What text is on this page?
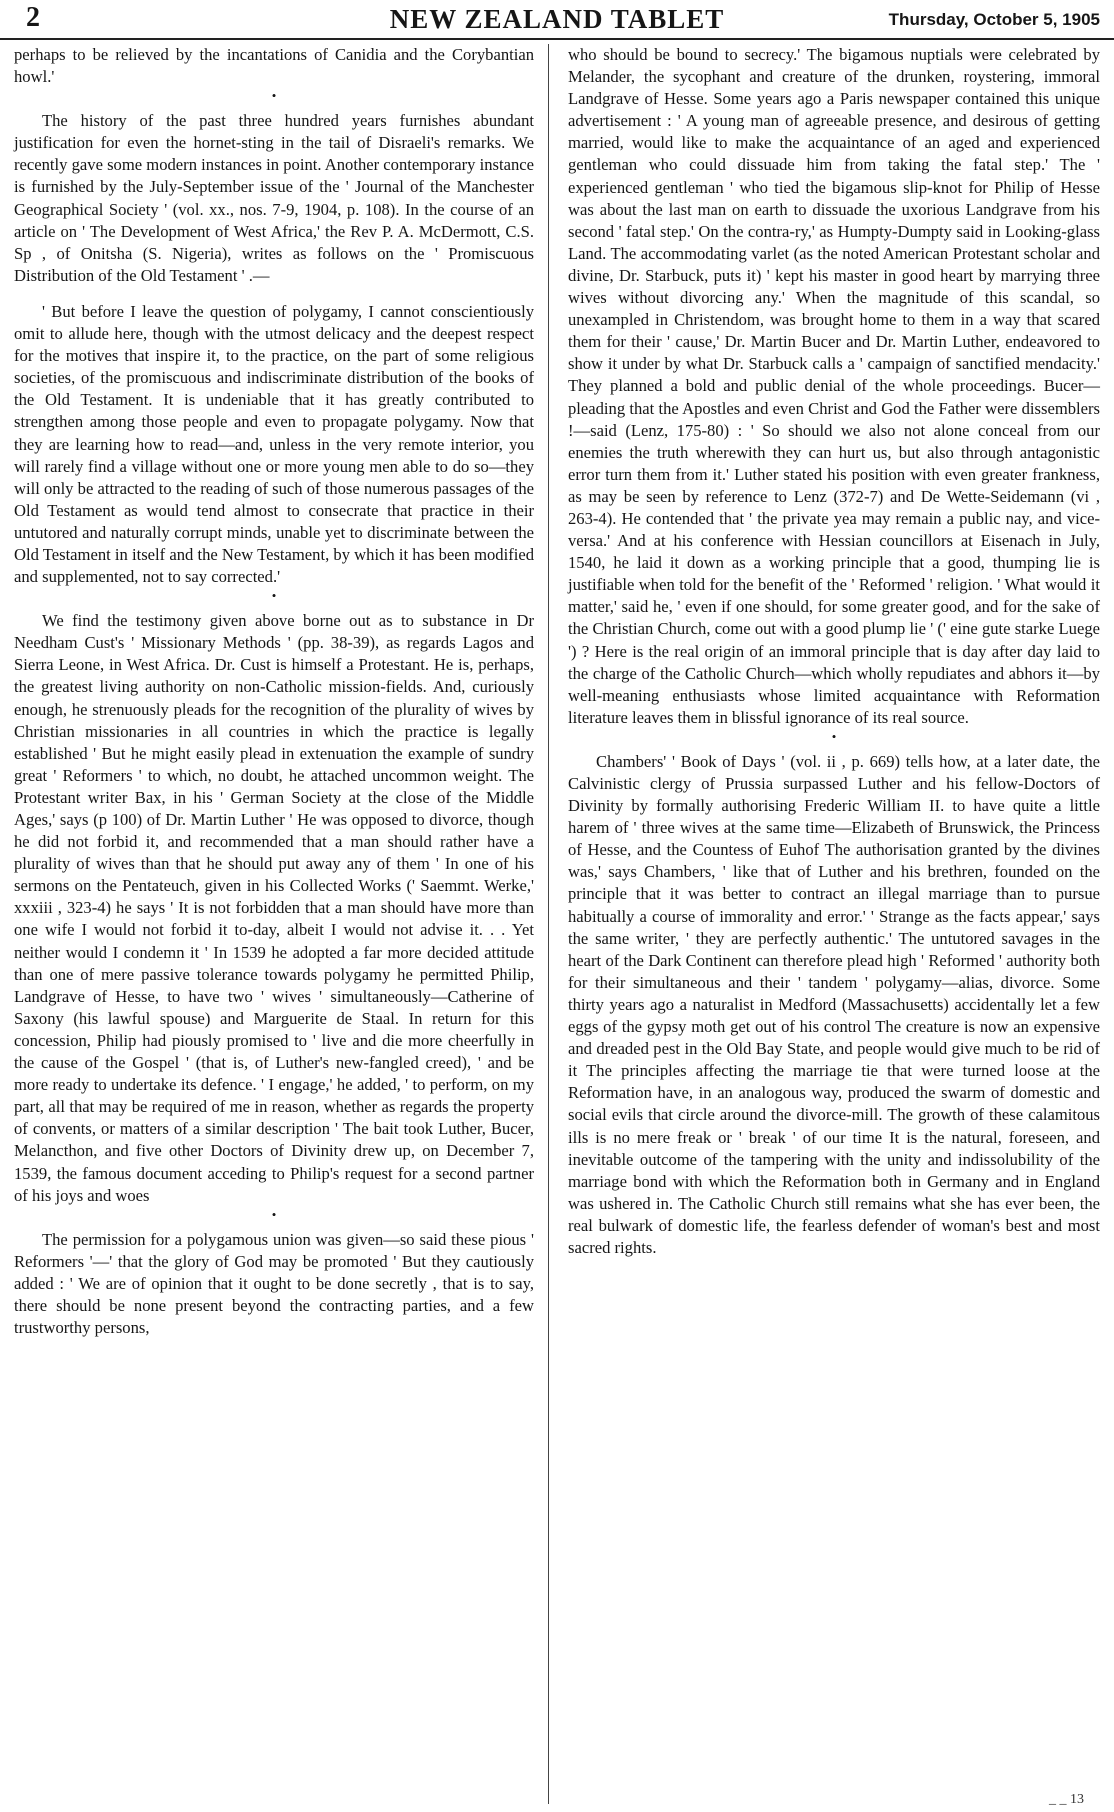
2	NEW ZEALAND TABLET	Thursday, October 5, 1905

perhaps to be relieved by the incantations of Canidia and the Corybantian howl.'

•

The history of the past three hundred years furnishes abundant justification for even the hornet-sting in the tail of Disraeli's remarks. We recently gave some modern instances in point. Another contemporary instance is furnished by the July-September issue of the ' Journal of the Manchester Geographical Society ' (vol. xx., nos. 7-9, 1904, p. 108). In the course of an article on ' The Development of West Africa,' the Rev P. A. McDermott, C.S. Sp , of Onitsha (S. Nigeria), writes as follows on the ' Promiscuous Distribution of the Old Testament ' .—

' But before I leave the question of polygamy, I cannot conscientiously omit to allude here, though with the utmost delicacy and the deepest respect for the motives that inspire it, to the practice, on the part of some religious societies, of the promiscuous and indiscriminate distribution of the books of the Old Testament. It is undeniable that it has greatly contributed to strengthen among those people and even to propagate polygamy. Now that they are learning how to read—and, unless in the very remote interior, you will rarely find a village without one or more young men able to do so—they will only be attracted to the reading of such of those numerous passages of the Old Testament as would tend almost to consecrate that practice in their untutored and naturally corrupt minds, unable yet to discriminate between the Old Testament in itself and the New Testament, by which it has been modified and supplemented, not to say corrected.'

•

We find the testimony given above borne out as to substance in Dr Needham Cust's ' Missionary Methods ' (pp. 38-39), as regards Lagos and Sierra Leone, in West Africa. Dr. Cust is himself a Protestant. He is, perhaps, the greatest living authority on non-Catholic mission-fields. And, curiously enough, he strenuously pleads for the recognition of the plurality of wives by Christian missionaries in all countries in which the practice is legally established ' But he might easily plead in extenuation the example of sundry great ' Reformers ' to which, no doubt, he attached uncommon weight. The Protestant writer Bax, in his ' German Society at the close of the Middle Ages,' says (p 100) of Dr. Martin Luther ' He was opposed to divorce, though he did not forbid it, and recommended that a man should rather have a plurality of wives than that he should put away any of them ' In one of his sermons on the Pentateuch, given in his Collected Works (' Saemmt. Werke,' xxxiii , 323-4) he says ' It is not forbidden that a man should have more than one wife I would not forbid it to-day, albeit I would not advise it. . . Yet neither would I condemn it ' In 1539 he adopted a far more decided attitude than one of mere passive tolerance towards polygamy he permitted Philip, Landgrave of Hesse, to have two ' wives ' simultaneously—Catherine of Saxony (his lawful spouse) and Marguerite de Staal. In return for this concession, Philip had piously promised to ' live and die more cheerfully in the cause of the Gospel ' (that is, of Luther's new-fangled creed), ' and be more ready to undertake its defence. ' I engage,' he added, ' to perform, on my part, all that may be required of me in reason, whether as regards the property of convents, or matters of a similar description ' The bait took Luther, Bucer, Melancthon, and five other Doctors of Divinity drew up, on December 7, 1539, the famous document acceding to Philip's request for a second partner of his joys and woes

•

The permission for a polygamous union was given—so said these pious ' Reformers '—' that the glory of God may be promoted ' But they cautiously added : ' We are of opinion that it ought to be done secretly , that is to say, there should be none present beyond the contracting parties, and a few trustworthy persons,

who should be bound to secrecy.' The bigamous nuptials were celebrated by Melander, the sycophant and creature of the drunken, roystering, immoral Landgrave of Hesse. Some years ago a Paris newspaper contained this unique advertisement : ' A young man of agreeable presence, and desirous of getting married, would like to make the acquaintance of an aged and experienced gentleman who could dissuade him from taking the fatal step.' The ' experienced gentleman ' who tied the bigamous slip-knot for Philip of Hesse was about the last man on earth to dissuade the uxorious Landgrave from his second ' fatal step.' On the contra-ry,' as Humpty-Dumpty said in Looking-glass Land. The accommodating varlet (as the noted American Protestant scholar and divine, Dr. Starbuck, puts it) ' kept his master in good heart by marrying three wives without divorcing any.' When the magnitude of this scandal, so unexampled in Christendom, was brought home to them in a way that scared them for their ' cause,' Dr. Martin Bucer and Dr. Martin Luther, endeavored to show it under by what Dr. Starbuck calls a ' campaign of sanctified mendacity.' They planned a bold and public denial of the whole proceedings. Bucer—pleading that the Apostles and even Christ and God the Father were dissemblers !—said (Lenz, 175-80) : ' So should we also not alone conceal from our enemies the truth wherewith they can hurt us, but also through antagonistic error turn them from it.' Luther stated his position with even greater frankness, as may be seen by reference to Lenz (372-7) and De Wette-Seidemann (vi , 263-4). He contended that ' the private yea may remain a public nay, and vice-versa.' And at his conference with Hessian councillors at Eisenach in July, 1540, he laid it down as a working principle that a good, thumping lie is justifiable when told for the benefit of the ' Reformed ' religion. ' What would it matter,' said he, ' even if one should, for some greater good, and for the sake of the Christian Church, come out with a good plump lie ' (' eine gute starke Luege ') ? Here is the real origin of an immoral principle that is day after day laid to the charge of the Catholic Church—which wholly repudiates and abhors it—by well-meaning enthusiasts whose limited acquaintance with Reformation literature leaves them in blissful ignorance of its real source.

•

Chambers' ' Book of Days ' (vol. ii , p. 669) tells how, at a later date, the Calvinistic clergy of Prussia surpassed Luther and his fellow-Doctors of Divinity by formally authorising Frederic William II. to have quite a little harem of ' three wives at the same time—Elizabeth of Brunswick, the Princess of Hesse, and the Countess of Euhof The authorisation granted by the divines was,' says Chambers, ' like that of Luther and his brethren, founded on the principle that it was better to contract an illegal marriage than to pursue habitually a course of immorality and error.' ' Strange as the facts appear,' says the same writer, ' they are perfectly authentic.' The untutored savages in the heart of the Dark Continent can therefore plead high ' Reformed ' authority both for their simultaneous and their ' tandem ' polygamy—alias, divorce. Some thirty years ago a naturalist in Medford (Massachusetts) accidentally let a few eggs of the gypsy moth get out of his control The creature is now an expensive and dreaded pest in the Old Bay State, and people would give much to be rid of it The principles affecting the marriage tie that were turned loose at the Reformation have, in an analogous way, produced the swarm of domestic and social evils that circle around the divorce-mill. The growth of these calamitous ills is no mere freak or ' break ' of our time It is the natural, foreseen, and inevitable outcome of the tampering with the unity and indissolubility of the marriage bond with which the Reformation both in Germany and in England was ushered in. The Catholic Church still remains what she has ever been, the real bulwark of domestic life, the fearless defender of woman's best and most sacred rights.

_ _ 13
